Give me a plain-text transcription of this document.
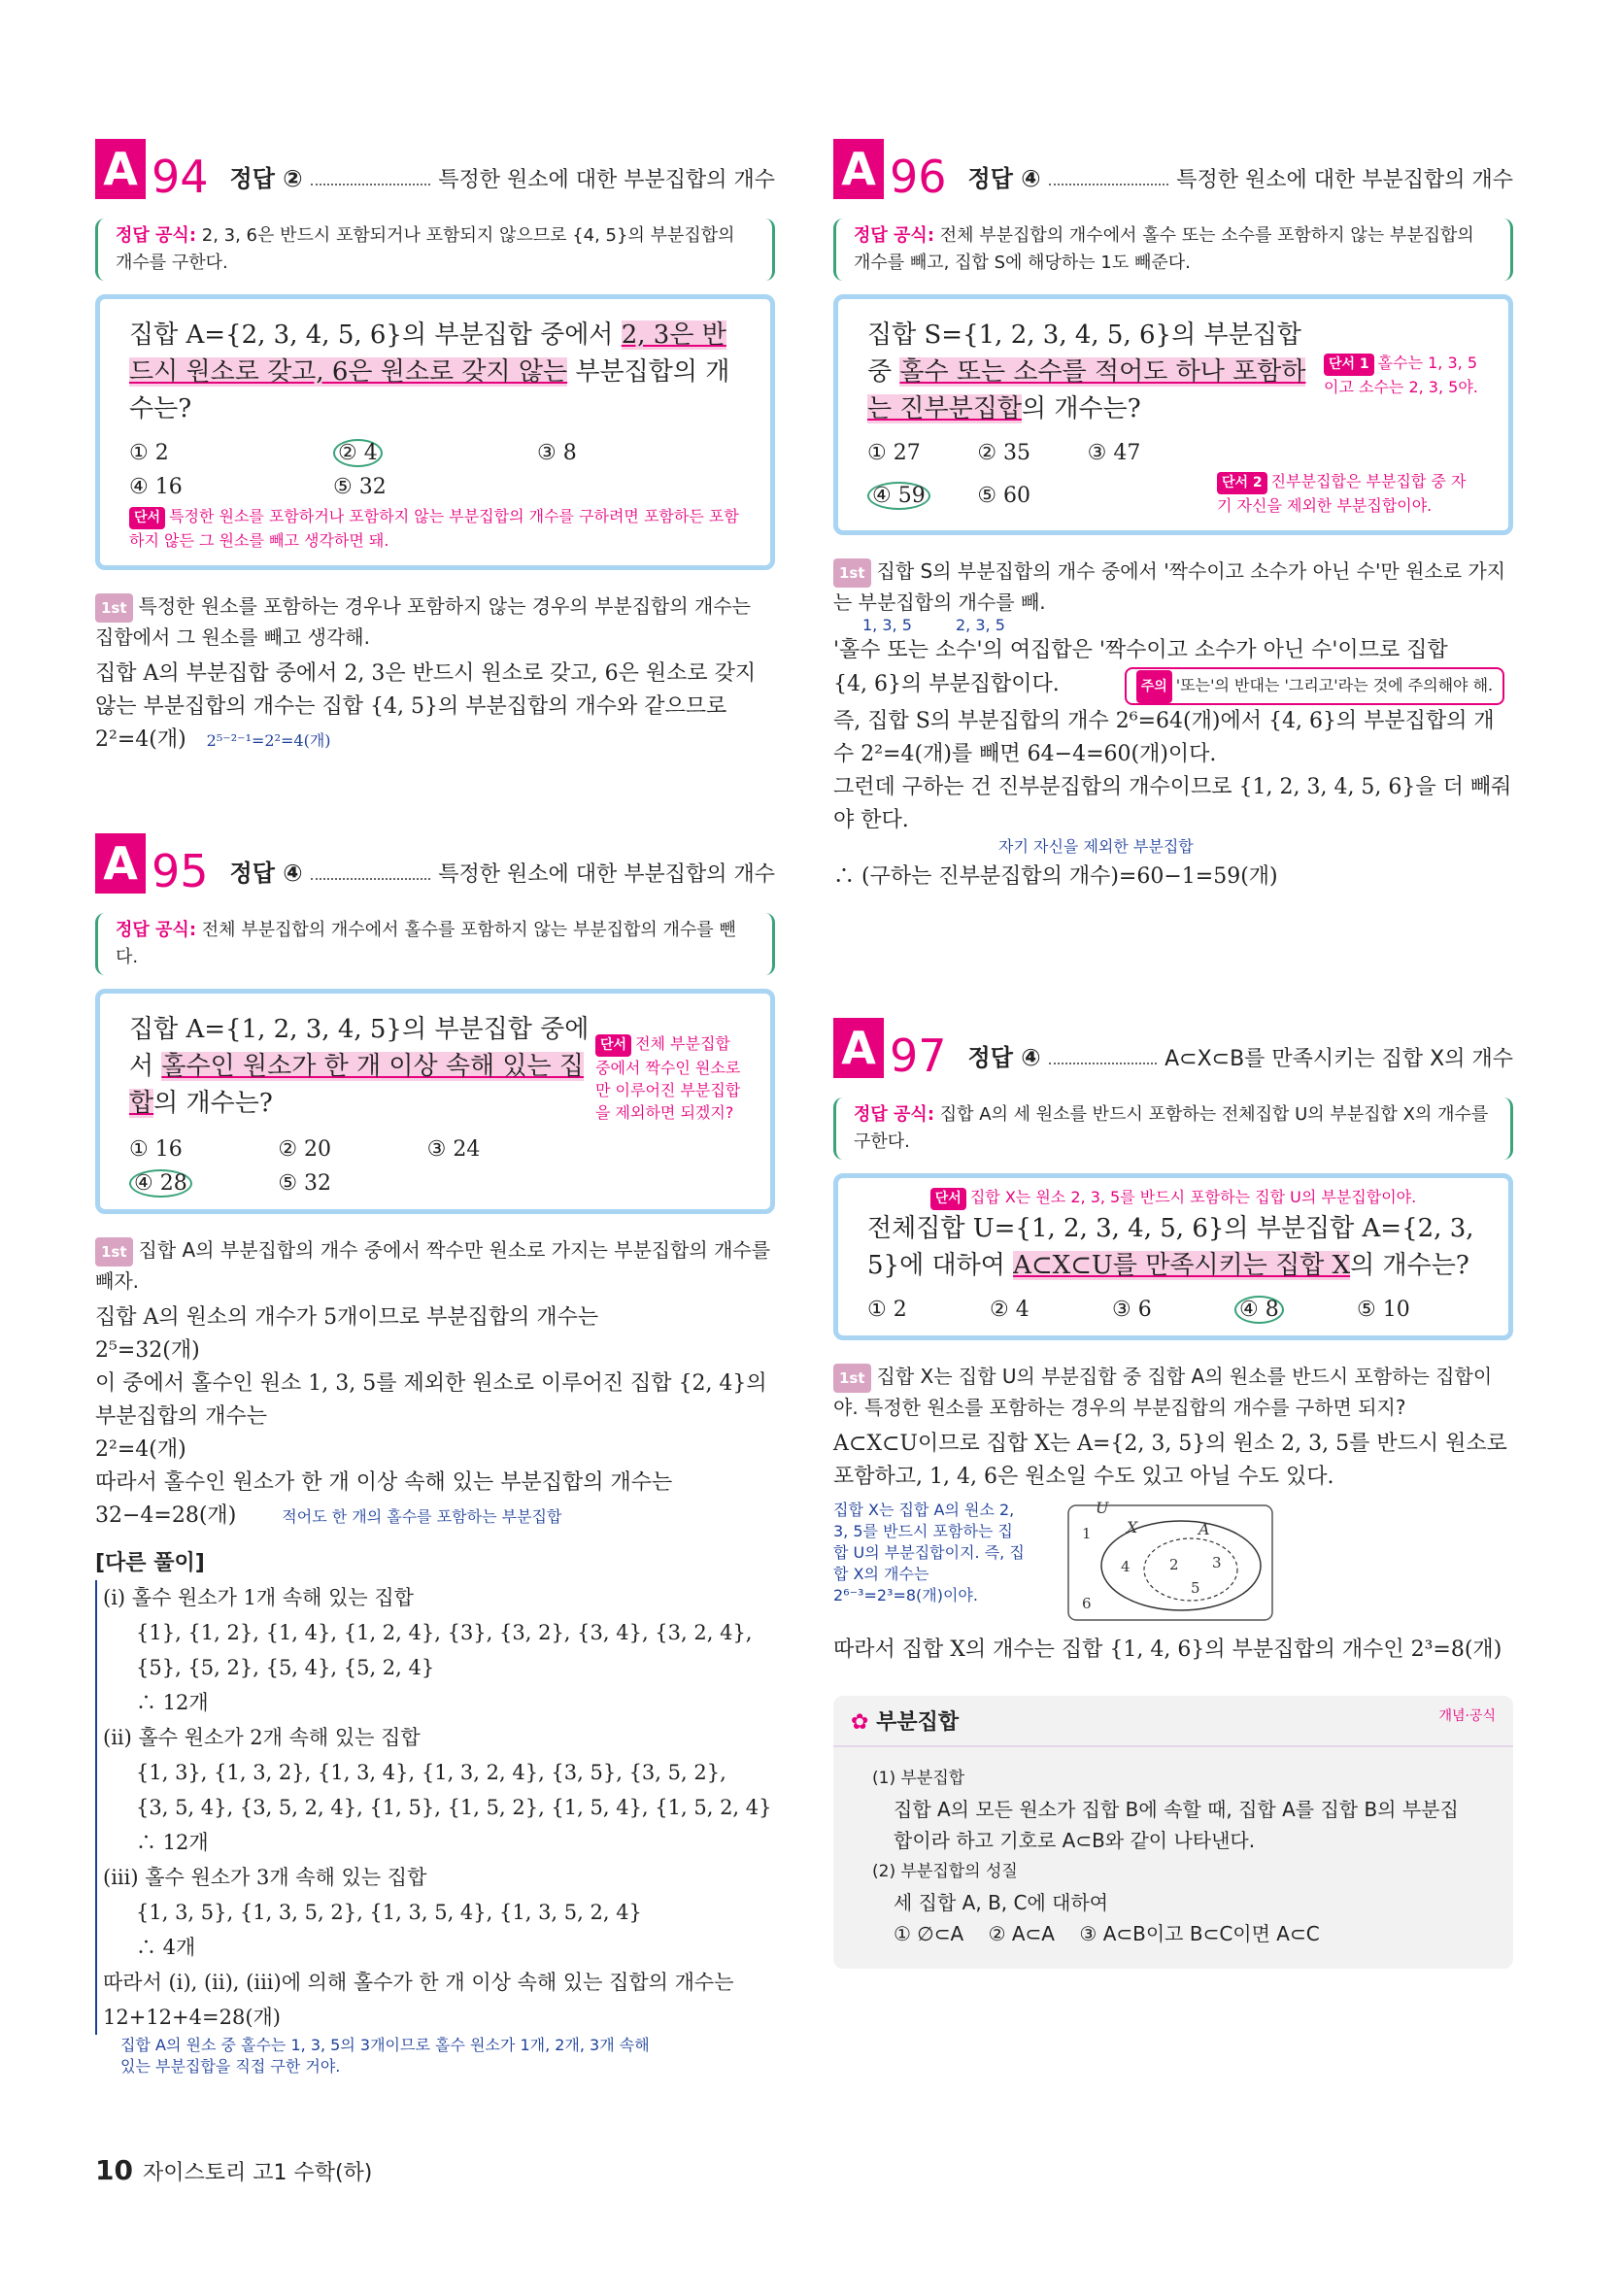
A 94 정답 ②	특정한 원소에 대한 부분집합의 개수
정답 공식: 2, 3, 6은 반드시 포함되거나 포함되지 않으므로 {4, 5}의 부분집합의 개수를 구한다.
집합 A={2, 3, 4, 5, 6}의 부분집합 중에서 2, 3은 반드시 원소로 갖고, 6은 원소로 갖지 않는 부분집합의 개수는?
① 2	② 4	③ 8
④ 16	⑤ 32
단서 특정한 원소를 포함하거나 포함하지 않는 부분집합의 개수를 구하려면 포함하든 포함하지 않든 그 원소를 빼고 생각하면 돼.
1st 특정한 원소를 포함하는 경우나 포함하지 않는 경우의 부분집합의 개수는 집합에서 그 원소를 빼고 생각해.
집합 A의 부분집합 중에서 2, 3은 반드시 원소로 갖고, 6은 원소로 갖지 않는 부분집합의 개수는 집합 {4, 5}의 부분집합의 개수와 같으므로
2²=4(개) 2⁵⁻²⁻¹=2²=4(개)
A 95 정답 ④	특정한 원소에 대한 부분집합의 개수
정답 공식: 전체 부분집합의 개수에서 홀수를 포함하지 않는 부분집합의 개수를 뺀다.
집합 A={1, 2, 3, 4, 5}의 부분집합 중에서 홀수인 원소가 한 개 이상 속해 있는 집합의 개수는?
단서 전체 부분집합 중에서 짝수인 원소로만 이루어진 부분집합을 제외하면 되겠지?
① 16	② 20	③ 24
④ 28	⑤ 32
1st 집합 A의 부분집합의 개수 중에서 짝수만 원소로 가지는 부분집합의 개수를 빼자.
집합 A의 원소의 개수가 5개이므로 부분집합의 개수는
2⁵=32(개)
이 중에서 홀수인 원소 1, 3, 5를 제외한 원소로 이루어진 집합 {2, 4}의 부분집합의 개수는
2²=4(개)
따라서 홀수인 원소가 한 개 이상 속해 있는 부분집합의 개수는
32−4=28(개)	적어도 한 개의 홀수를 포함하는 부분집합
[다른 풀이]
(i) 홀수 원소가 1개 속해 있는 집합
{1}, {1, 2}, {1, 4}, {1, 2, 4}, {3}, {3, 2}, {3, 4}, {3, 2, 4},
{5}, {5, 2}, {5, 4}, {5, 2, 4}
∴ 12개
(ii) 홀수 원소가 2개 속해 있는 집합
{1, 3}, {1, 3, 2}, {1, 3, 4}, {1, 3, 2, 4}, {3, 5}, {3, 5, 2},
{3, 5, 4}, {3, 5, 2, 4}, {1, 5}, {1, 5, 2}, {1, 5, 4}, {1, 5, 2, 4}
∴ 12개
(iii) 홀수 원소가 3개 속해 있는 집합
{1, 3, 5}, {1, 3, 5, 2}, {1, 3, 5, 4}, {1, 3, 5, 2, 4}
∴ 4개
따라서 (i), (ii), (iii)에 의해 홀수가 한 개 이상 속해 있는 집합의 개수는
12+12+4=28(개)
집합 A의 원소 중 홀수는 1, 3, 5의 3개이므로 홀수 원소가 1개, 2개, 3개 속해 있는 부분집합을 직접 구한 거야.
A 96 정답 ④	특정한 원소에 대한 부분집합의 개수
정답 공식: 전체 부분집합의 개수에서 홀수 또는 소수를 포함하지 않는 부분집합의 개수를 빼고, 집합 S에 해당하는 1도 빼준다.
집합 S={1, 2, 3, 4, 5, 6}의 부분집합 중 홀수 또는 소수를 적어도 하나 포함하는 진부분집합의 개수는?
단서 1 홀수는 1, 3, 5이고 소수는 2, 3, 5야.
① 27	② 35	③ 47
④ 59	⑤ 60
단서 2 진부분집합은 부분집합 중 자기 자신을 제외한 부분집합이야.
1st 집합 S의 부분집합의 개수 중에서 '짝수이고 소수가 아닌 수'만 원소로 가지는 부분집합의 개수를 빼.
1, 3, 5	2, 3, 5
'홀수 또는 소수'의 여집합은 '짝수이고 소수가 아닌 수'이므로 집합
{4, 6}의 부분집합이다.	주의 '또는'의 반대는 '그리고'라는 것에 주의해야 해.
즉, 집합 S의 부분집합의 개수 2⁶=64(개)에서 {4, 6}의 부분집합의 개수 2²=4(개)를 빼면 64−4=60(개)이다.
그런데 구하는 건 진부분집합의 개수이므로 {1, 2, 3, 4, 5, 6}을 더 빼줘야 한다.
자기 자신을 제외한 부분집합
∴ (구하는 진부분집합의 개수)=60−1=59(개)
A 97 정답 ④	A⊂X⊂B를 만족시키는 집합 X의 개수
정답 공식: 집합 A의 세 원소를 반드시 포함하는 전체집합 U의 부분집합 X의 개수를 구한다.
단서 집합 X는 원소 2, 3, 5를 반드시 포함하는 집합 U의 부분집합이야.
전체집합 U={1, 2, 3, 4, 5, 6}의 부분집합 A={2, 3, 5}에 대하여 A⊂X⊂U를 만족시키는 집합 X의 개수는?
① 2	② 4	③ 6	④ 8	⑤ 10
1st 집합 X는 집합 U의 부분집합 중 집합 A의 원소를 반드시 포함하는 집합이야. 특정한 원소를 포함하는 경우의 부분집합의 개수를 구하면 되지?
A⊂X⊂U이므로 집합 X는 A={2, 3, 5}의 원소 2, 3, 5를 반드시 원소로 포함하고, 1, 4, 6은 원소일 수도 있고 아닐 수도 있다.
집합 X는 집합 A의 원소 2, 3, 5를 반드시 포함하는 집합 U의 부분집합이지. 즉, 집합 X의 개수는 2⁶⁻³=2³=8(개)이야.
U
X	A
1
6
4	2 3
5
따라서 집합 X의 개수는 집합 {1, 4, 6}의 부분집합의 개수인 2³=8(개)
✿ 부분집합	개념·공식
(1) 부분집합
집합 A의 모든 원소가 집합 B에 속할 때, 집합 A를 집합 B의 부분집합이라 하고 기호로 A⊂B와 같이 나타낸다.
(2) 부분집합의 성질
세 집합 A, B, C에 대하여
① ∅⊂A    ② A⊂A    ③ A⊂B이고 B⊂C이면 A⊂C
10 자이스토리 고1 수학(하)
